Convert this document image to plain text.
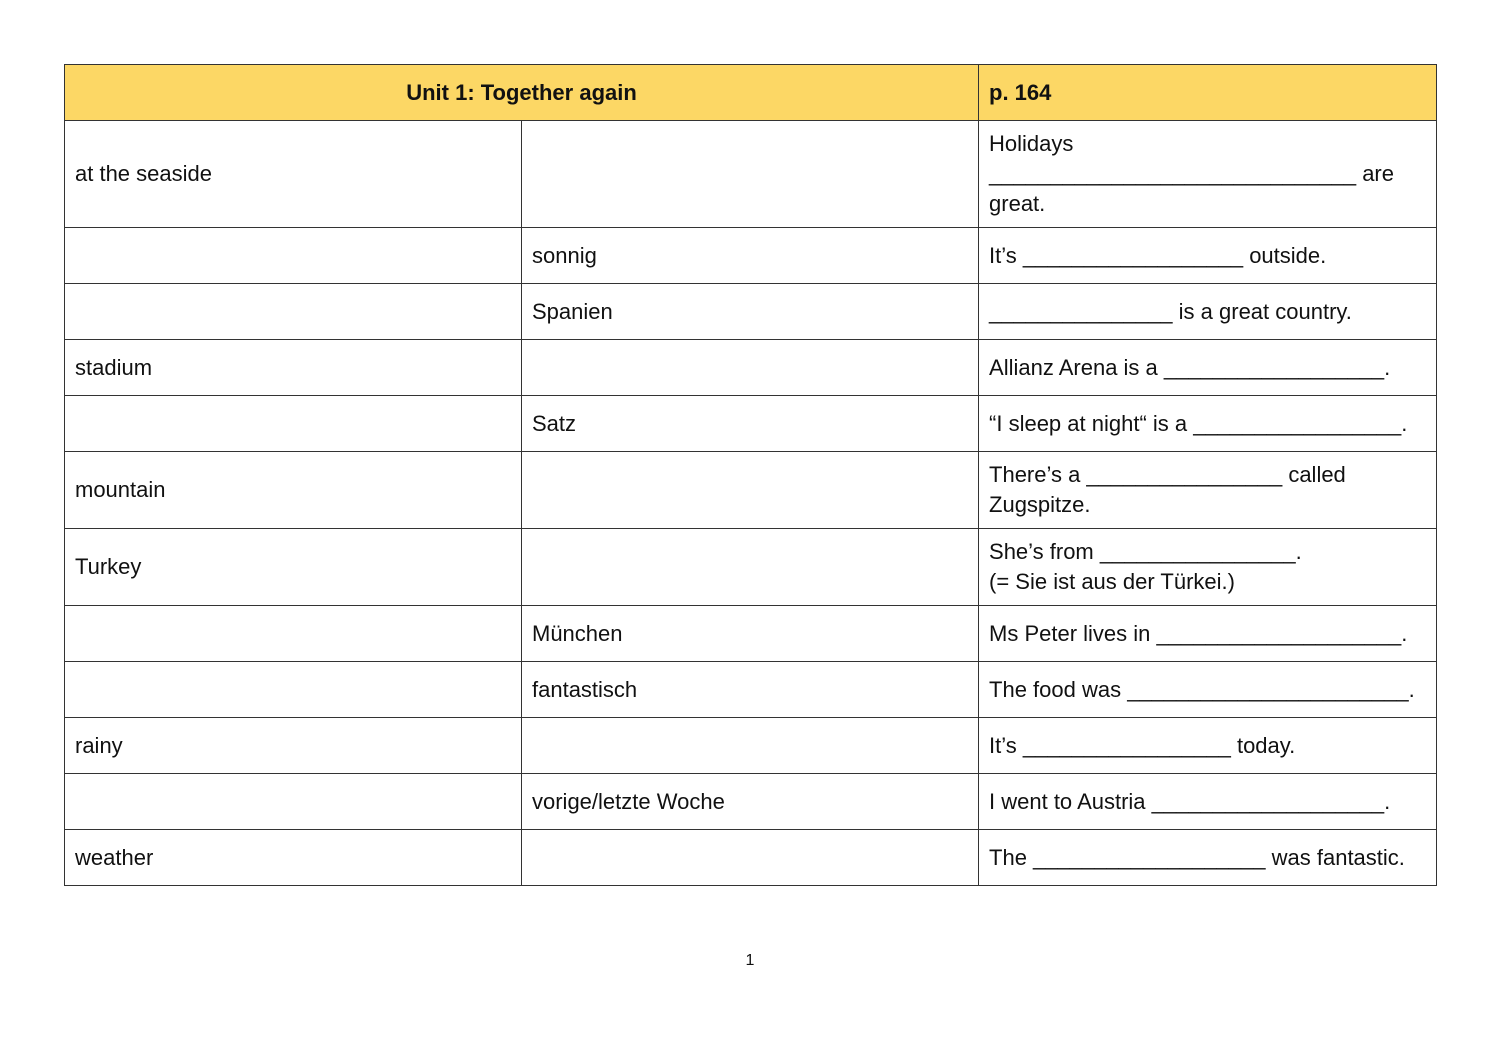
Unit 1: Together again		p. 164
at the seaside		Holidays ______________________________ are great.
	sonnig	It’s __________________ outside.
	Spanien	_______________ is a great country.
stadium		Allianz Arena is a __________________.
	Satz	“I sleep at night“ is a _________________.
mountain		There’s a ________________ called Zugspitze.
Turkey		She’s from ________________.
(= Sie ist aus der Türkei.)
	München	Ms Peter lives in ____________________.
	fantastisch	The food was _______________________.
rainy		It’s _________________ today.
	vorige/letzte Woche	I went to Austria ___________________.
weather		The ___________________ was fantastic.
1
